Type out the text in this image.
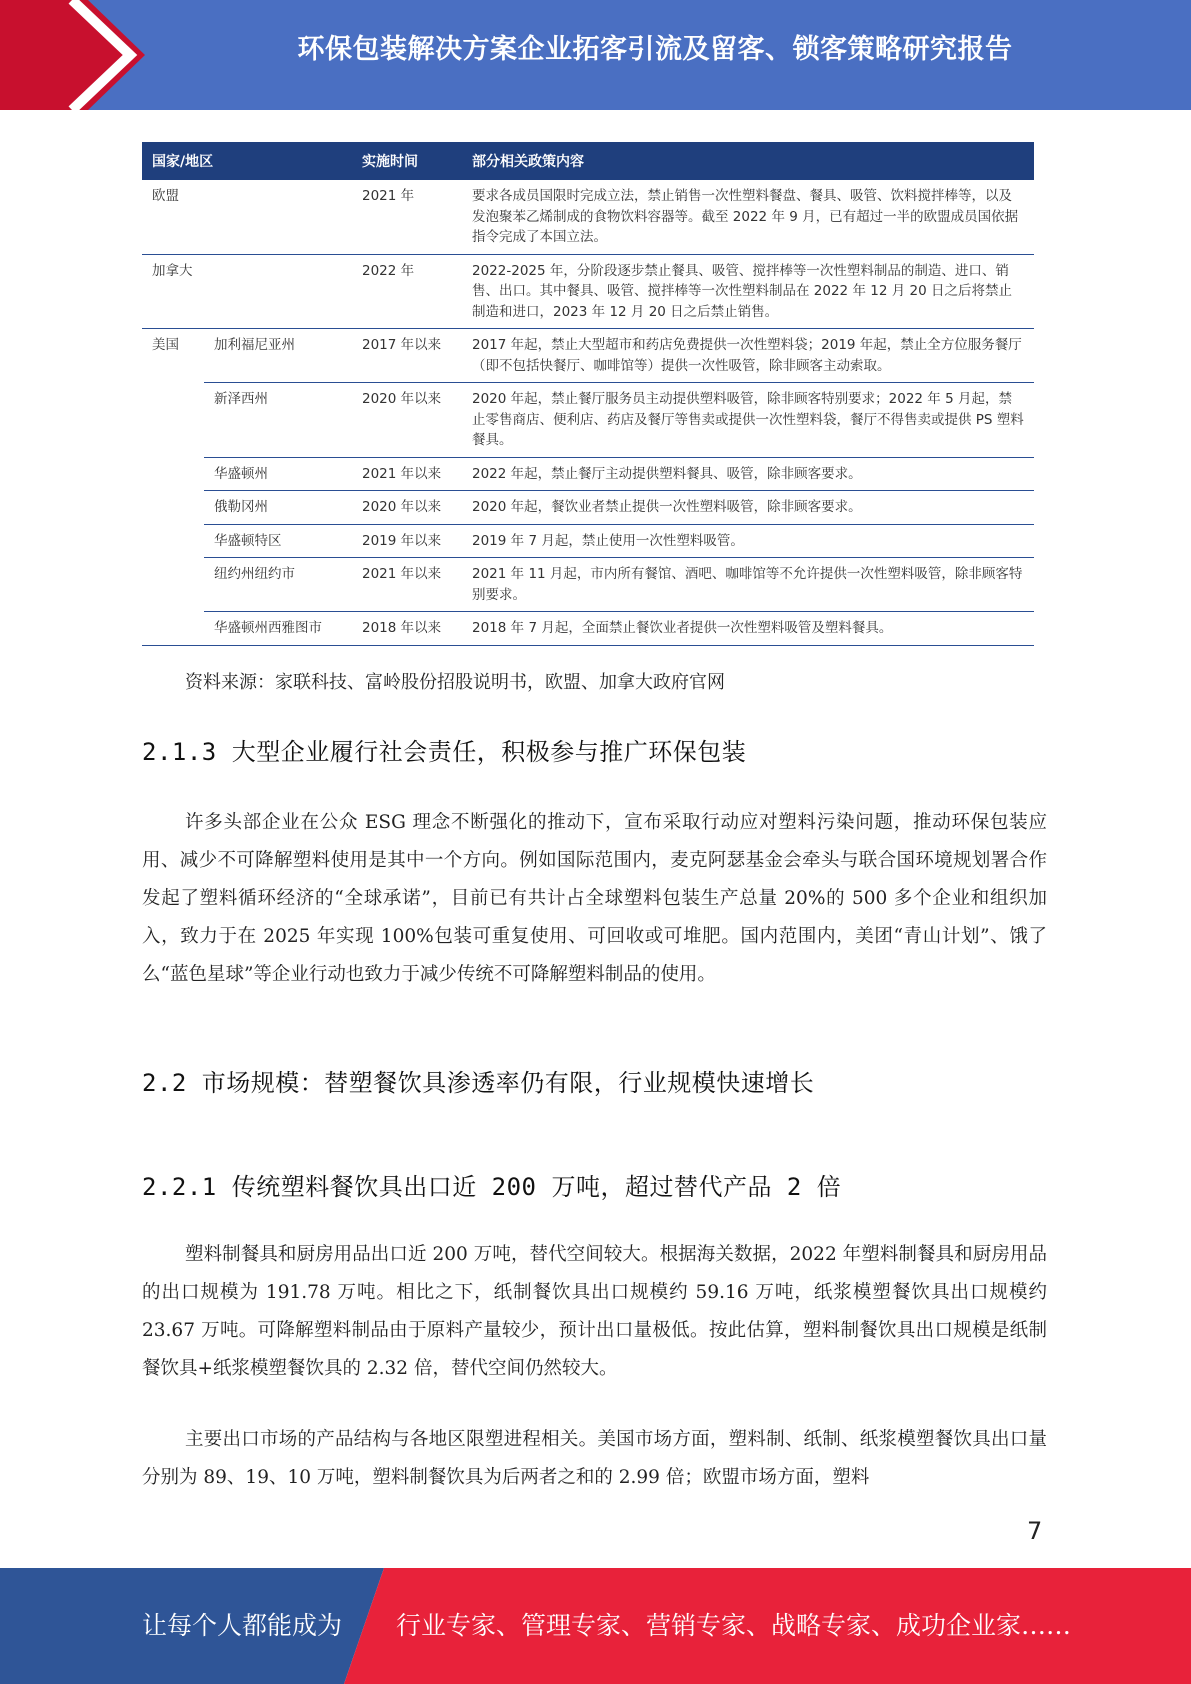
环保包装解决方案企业拓客引流及留客、锁客策略研究报告
国家/地区		实施时间	部分相关政策内容
欧盟		2021 年	要求各成员国限时完成立法，禁止销售一次性塑料餐盘、餐具、吸管、饮料搅拌棒等，以及发泡聚苯乙烯制成的食物饮料容器等。截至 2022 年 9 月，已有超过一半的欧盟成员国依据指令完成了本国立法。
加拿大		2022 年	2022-2025 年，分阶段逐步禁止餐具、吸管、搅拌棒等一次性塑料制品的制造、进口、销售、出口。其中餐具、吸管、搅拌棒等一次性塑料制品在 2022 年 12 月 20 日之后将禁止制造和进口，2023 年 12 月 20 日之后禁止销售。
美国	加利福尼亚州	2017 年以来	2017 年起，禁止大型超市和药店免费提供一次性塑料袋；2019 年起，禁止全方位服务餐厅（即不包括快餐厅、咖啡馆等）提供一次性吸管，除非顾客主动索取。
	新泽西州	2020 年以来	2020 年起，禁止餐厅服务员主动提供塑料吸管，除非顾客特别要求；2022 年 5 月起，禁止零售商店、便利店、药店及餐厅等售卖或提供一次性塑料袋，餐厅不得售卖或提供 PS 塑料餐具。
	华盛顿州	2021 年以来	2022 年起，禁止餐厅主动提供塑料餐具、吸管，除非顾客要求。
	俄勒冈州	2020 年以来	2020 年起，餐饮业者禁止提供一次性塑料吸管，除非顾客要求。
	华盛顿特区	2019 年以来	2019 年 7 月起，禁止使用一次性塑料吸管。
	纽约州纽约市	2021 年以来	2021 年 11 月起，市内所有餐馆、酒吧、咖啡馆等不允许提供一次性塑料吸管，除非顾客特别要求。
	华盛顿州西雅图市	2018 年以来	2018 年 7 月起，全面禁止餐饮业者提供一次性塑料吸管及塑料餐具。
资料来源：家联科技、富岭股份招股说明书，欧盟、加拿大政府官网
2.1.3 大型企业履行社会责任，积极参与推广环保包装
许多头部企业在公众 ESG 理念不断强化的推动下，宣布采取行动应对塑料污染问题，推动环保包装应用、减少不可降解塑料使用是其中一个方向。例如国际范围内，麦克阿瑟基金会牵头与联合国环境规划署合作发起了塑料循环经济的“全球承诺”，目前已有共计占全球塑料包装生产总量 20%的 500 多个企业和组织加入，致力于在 2025 年实现 100%包装可重复使用、可回收或可堆肥。国内范围内，美团“青山计划”、饿了么“蓝色星球”等企业行动也致力于减少传统不可降解塑料制品的使用。
2.2 市场规模：替塑餐饮具渗透率仍有限，行业规模快速增长
2.2.1 传统塑料餐饮具出口近 200 万吨，超过替代产品 2 倍
塑料制餐具和厨房用品出口近 200 万吨，替代空间较大。根据海关数据，2022 年塑料制餐具和厨房用品的出口规模为 191.78 万吨。相比之下，纸制餐饮具出口规模约 59.16 万吨，纸浆模塑餐饮具出口规模约 23.67 万吨。可降解塑料制品由于原料产量较少，预计出口量极低。按此估算，塑料制餐饮具出口规模是纸制餐饮具+纸浆模塑餐饮具的 2.32 倍，替代空间仍然较大。
主要出口市场的产品结构与各地区限塑进程相关。美国市场方面，塑料制、纸制、纸浆模塑餐饮具出口量分别为 89、19、10 万吨，塑料制餐饮具为后两者之和的 2.99 倍；欧盟市场方面，塑料
7
让每个人都能成为 行业专家、管理专家、营销专家、战略专家、成功企业家……
